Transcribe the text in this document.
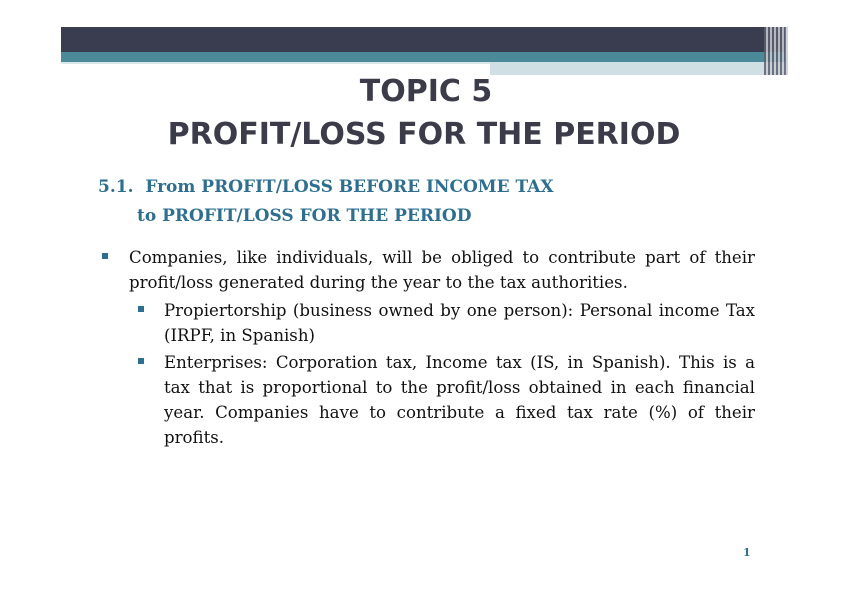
TOPIC 5
PROFIT/LOSS FOR THE PERIOD
5.1.  From PROFIT/LOSS BEFORE INCOME TAX
to PROFIT/LOSS FOR THE PERIOD
Companies, like individuals, will be obliged to contribute part of their profit/loss generated during the year to the tax authorities.
Propiertorship (business owned by one person): Personal income Tax (IRPF, in Spanish)
Enterprises: Corporation tax, Income tax (IS, in Spanish). This is a tax that is proportional to the profit/loss obtained in each financial year. Companies have to contribute a fixed tax rate (%) of their profits.
1
